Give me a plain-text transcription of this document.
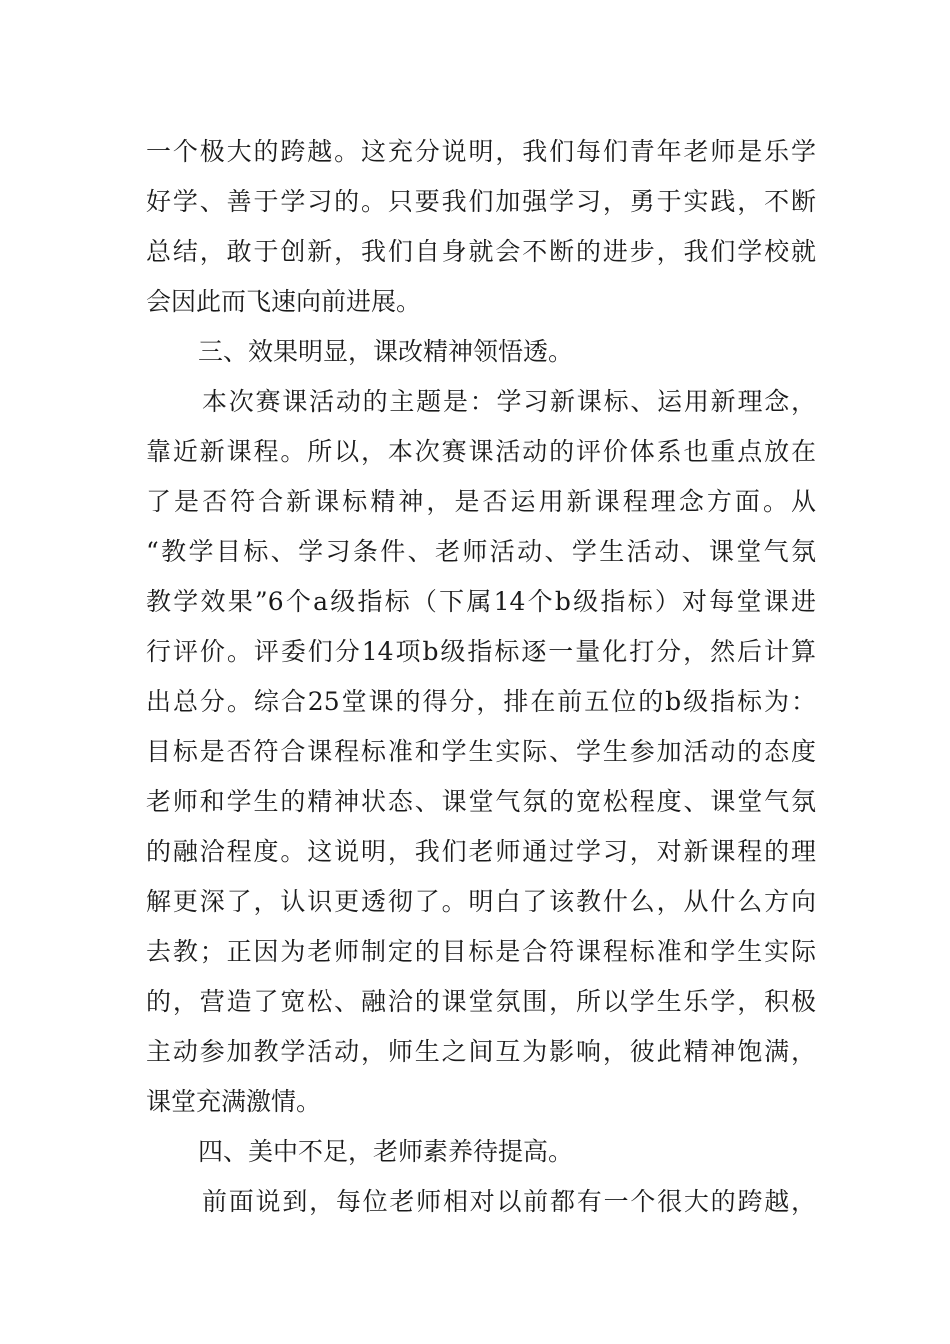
一个极大的跨越。这充分说明，我们每们青年老师是乐学
好学、善于学习的。只要我们加强学习，勇于实践，不断
总结，敢于创新，我们自身就会不断的进步，我们学校就
会因此而飞速向前进展。
三、效果明显，课改精神领悟透。
本次赛课活动的主题是：学习新课标、运用新理念，
靠近新课程。所以，本次赛课活动的评价体系也重点放在
了是否符合新课标精神，是否运用新课程理念方面。从
“教学目标、学习条件、老师活动、学生活动、课堂气氛
教学效果”6个a级指标（下属14个b级指标）对每堂课进
行评价。评委们分14项b级指标逐一量化打分，然后计算
出总分。综合25堂课的得分，排在前五位的b级指标为：
目标是否符合课程标准和学生实际、学生参加活动的态度
老师和学生的精神状态、课堂气氛的宽松程度、课堂气氛
的融洽程度。这说明，我们老师通过学习，对新课程的理
解更深了，认识更透彻了。明白了该教什么，从什么方向
去教；正因为老师制定的目标是合符课程标准和学生实际
的，营造了宽松、融洽的课堂氛围，所以学生乐学，积极
主动参加教学活动，师生之间互为影响，彼此精神饱满，
课堂充满激情。
四、美中不足，老师素养待提高。
前面说到，每位老师相对以前都有一个很大的跨越，
